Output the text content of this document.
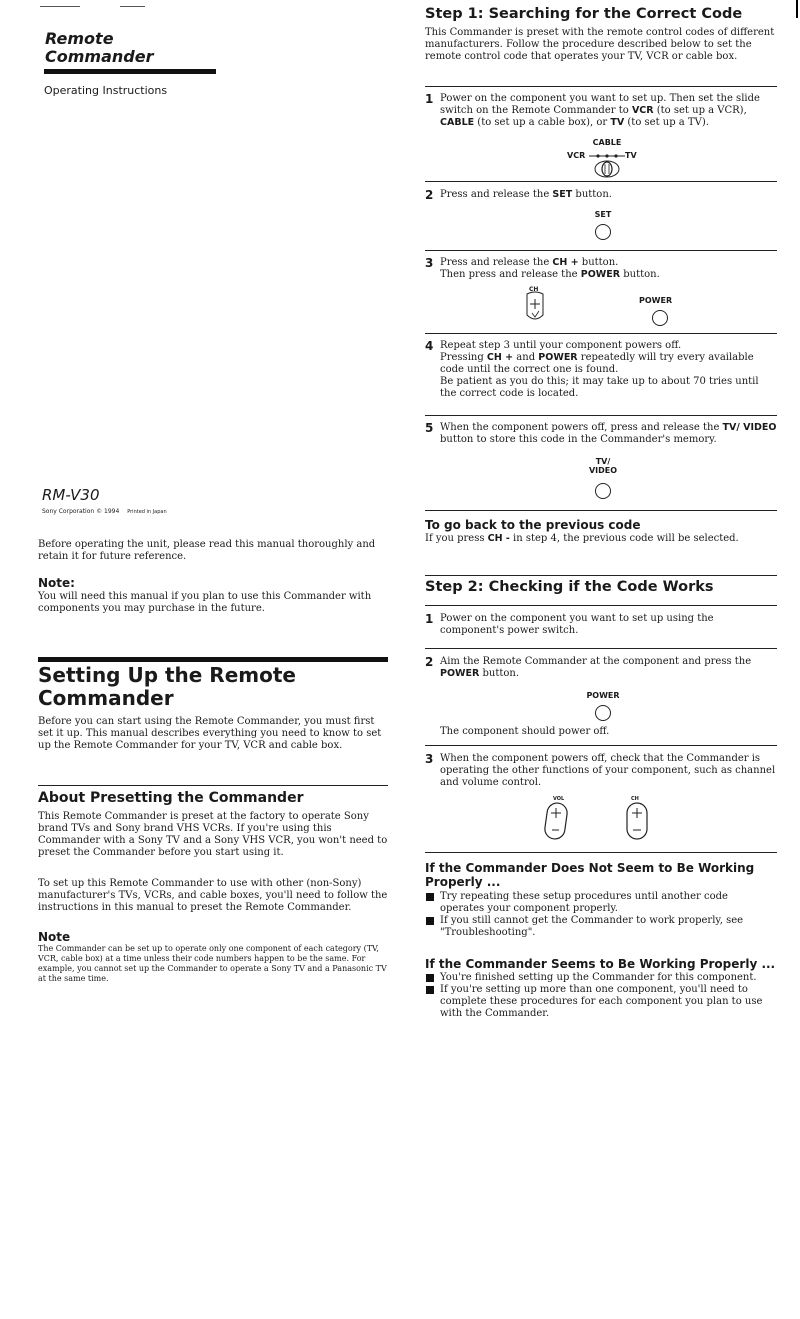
Remote
Commander
Operating Instructions
RM-V30
Sony Corporation © 1994 Printed in Japan
Before operating the unit, please read this manual thoroughly and retain it for future reference.
Note:
You will need this manual if you plan to use this Commander with components you may purchase in the future.
Setting Up the Remote Commander
Before you can start using the Remote Commander, you must first set it up. This manual describes everything you need to know to set up the Remote Commander for your TV, VCR and cable box.
About Presetting the Commander
This Remote Commander is preset at the factory to operate Sony brand TVs and Sony brand VHS VCRs. If you're using this Commander with a Sony TV and a Sony VHS VCR, you won't need to preset the Commander before you start using it.
To set up this Remote Commander to use with other (non-Sony) manufacturer's TVs, VCRs, and cable boxes, you'll need to follow the instructions in this manual to preset the Remote Commander.
Note
The Commander can be set up to operate only one component of each category (TV, VCR, cable box) at a time unless their code numbers happen to be the same. For example, you cannot set up the Commander to operate a Sony TV and a Panasonic TV at the same time.
Step 1: Searching for the Correct Code
This Commander is preset with the remote control codes of different manufacturers. Follow the procedure described below to set the remote control code that operates your TV, VCR or cable box.
1 Power on the component you want to set up. Then set the slide switch on the Remote Commander to VCR (to set up a VCR), CABLE (to set up a cable box), or TV (to set up a TV).
CABLE
VCR	TV
2 Press and release the SET button.
SET
3 Press and release the CH + button.
Then press and release the POWER button.
CH
POWER
4 Repeat step 3 until your component powers off.
Pressing CH + and POWER repeatedly will try every available code until the correct one is found.
Be patient as you do this; it may take up to about 70 tries until the correct code is located.
5 When the component powers off, press and release the TV/ VIDEO button to store this code in the Commander's memory.
TV/
VIDEO
To go back to the previous code
If you press CH - in step 4, the previous code will be selected.
Step 2: Checking if the Code Works
1 Power on the component you want to set up using the component's power switch.
2 Aim the Remote Commander at the component and press the POWER button.
POWER
The component should power off.
3 When the component powers off, check that the Commander is operating the other functions of your component, such as channel and volume control.
VOL	CH
If the Commander Does Not Seem to Be Working Properly ...
Try repeating these setup procedures until another code operates your component properly.
If you still cannot get the Commander to work properly, see "Troubleshooting".
If the Commander Seems to Be Working Properly ...
You're finished setting up the Commander for this component.
If you're setting up more than one component, you'll need to complete these procedures for each component you plan to use with the Commander.
